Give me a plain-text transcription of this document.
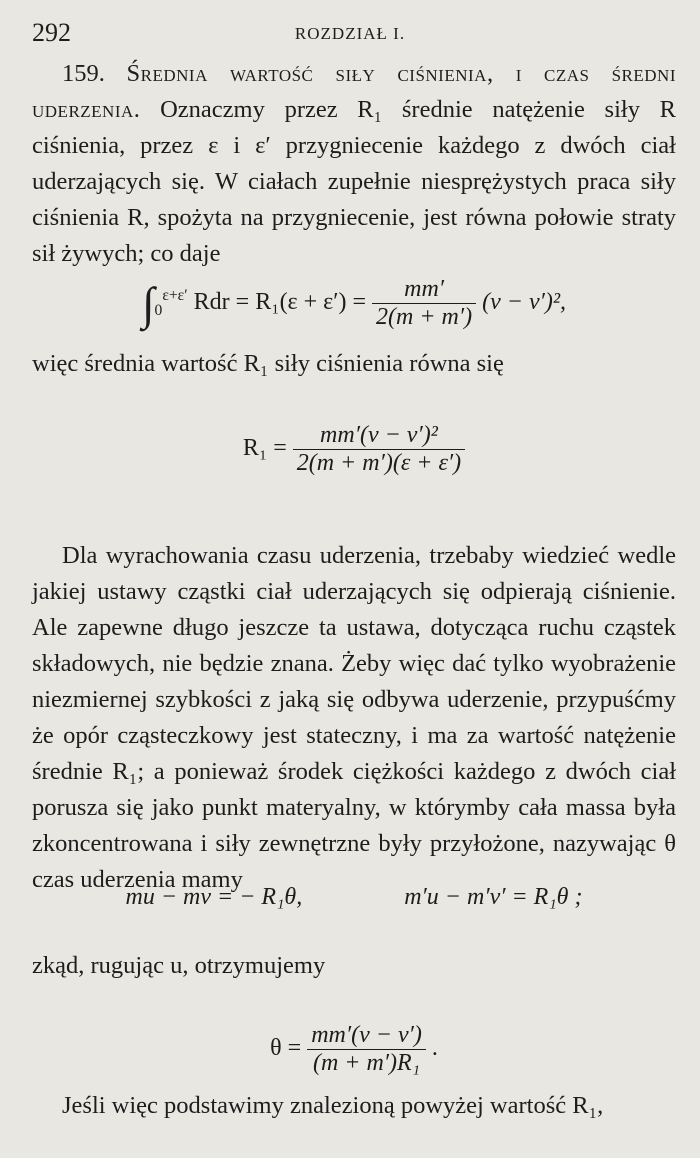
292	ROZDZIAŁ I.
159. Średnia wartość siły ciśnienia, i czas średni uderzenia. Oznaczmy przez R₁ średnie natężenie siły R ciśnienia, przez ε i ε′ przygniecenie każdego z dwóch ciał uderzających się. W ciałach zupełnie niesprężystych praca siły ciśnienia R, spożyta na przygniecenie, jest równa połowie straty sił żywych; co daje
$\int_0^{\varepsilon+\varepsilon'}$ Rdr = $R_1(\varepsilon + \varepsilon') = \frac{mm'}{2(m + m')} (v - v')^2$,
więc średnia wartość R₁ siły ciśnienia równa się
$R_1 = \frac{\text{mm′(v − v′)²}}{2(m + m')(\varepsilon + \varepsilon')}$
Dla wyrachowania czasu uderzenia, trzebaby wiedzieć wedle jakiej ustawy cząstki ciał uderzających się odpierają ciśnienie. Ale zapewne długo jeszcze ta ustawa, dotycząca ruchu cząstek składowych, nie będzie znana. Żeby więc dać tylko wyobrażenie niezmiernej szybkości z jaką się odbywa uderzenie, przypuśćmy że opór cząsteczkowy jest stateczny, i ma za wartość natężenie średnie R₁; a ponieważ środek ciężkości każdego z dwóch ciał porusza się jako punkt materyalny, w którymby cała massa była zkoncentrowana i siły zewnętrzne były przyłożone, nazywając θ czas uderzenia mamy
mu − mv = − R₁θ,	m′u − m′v′ = R₁θ ;
zkąd, rugując u, otrzymujemy
$\theta = \frac{mm'(v - v')}{\text{(m + m′)R₁}}$ .
Jeśli więc podstawimy znalezioną powyżej wartość R₁,
